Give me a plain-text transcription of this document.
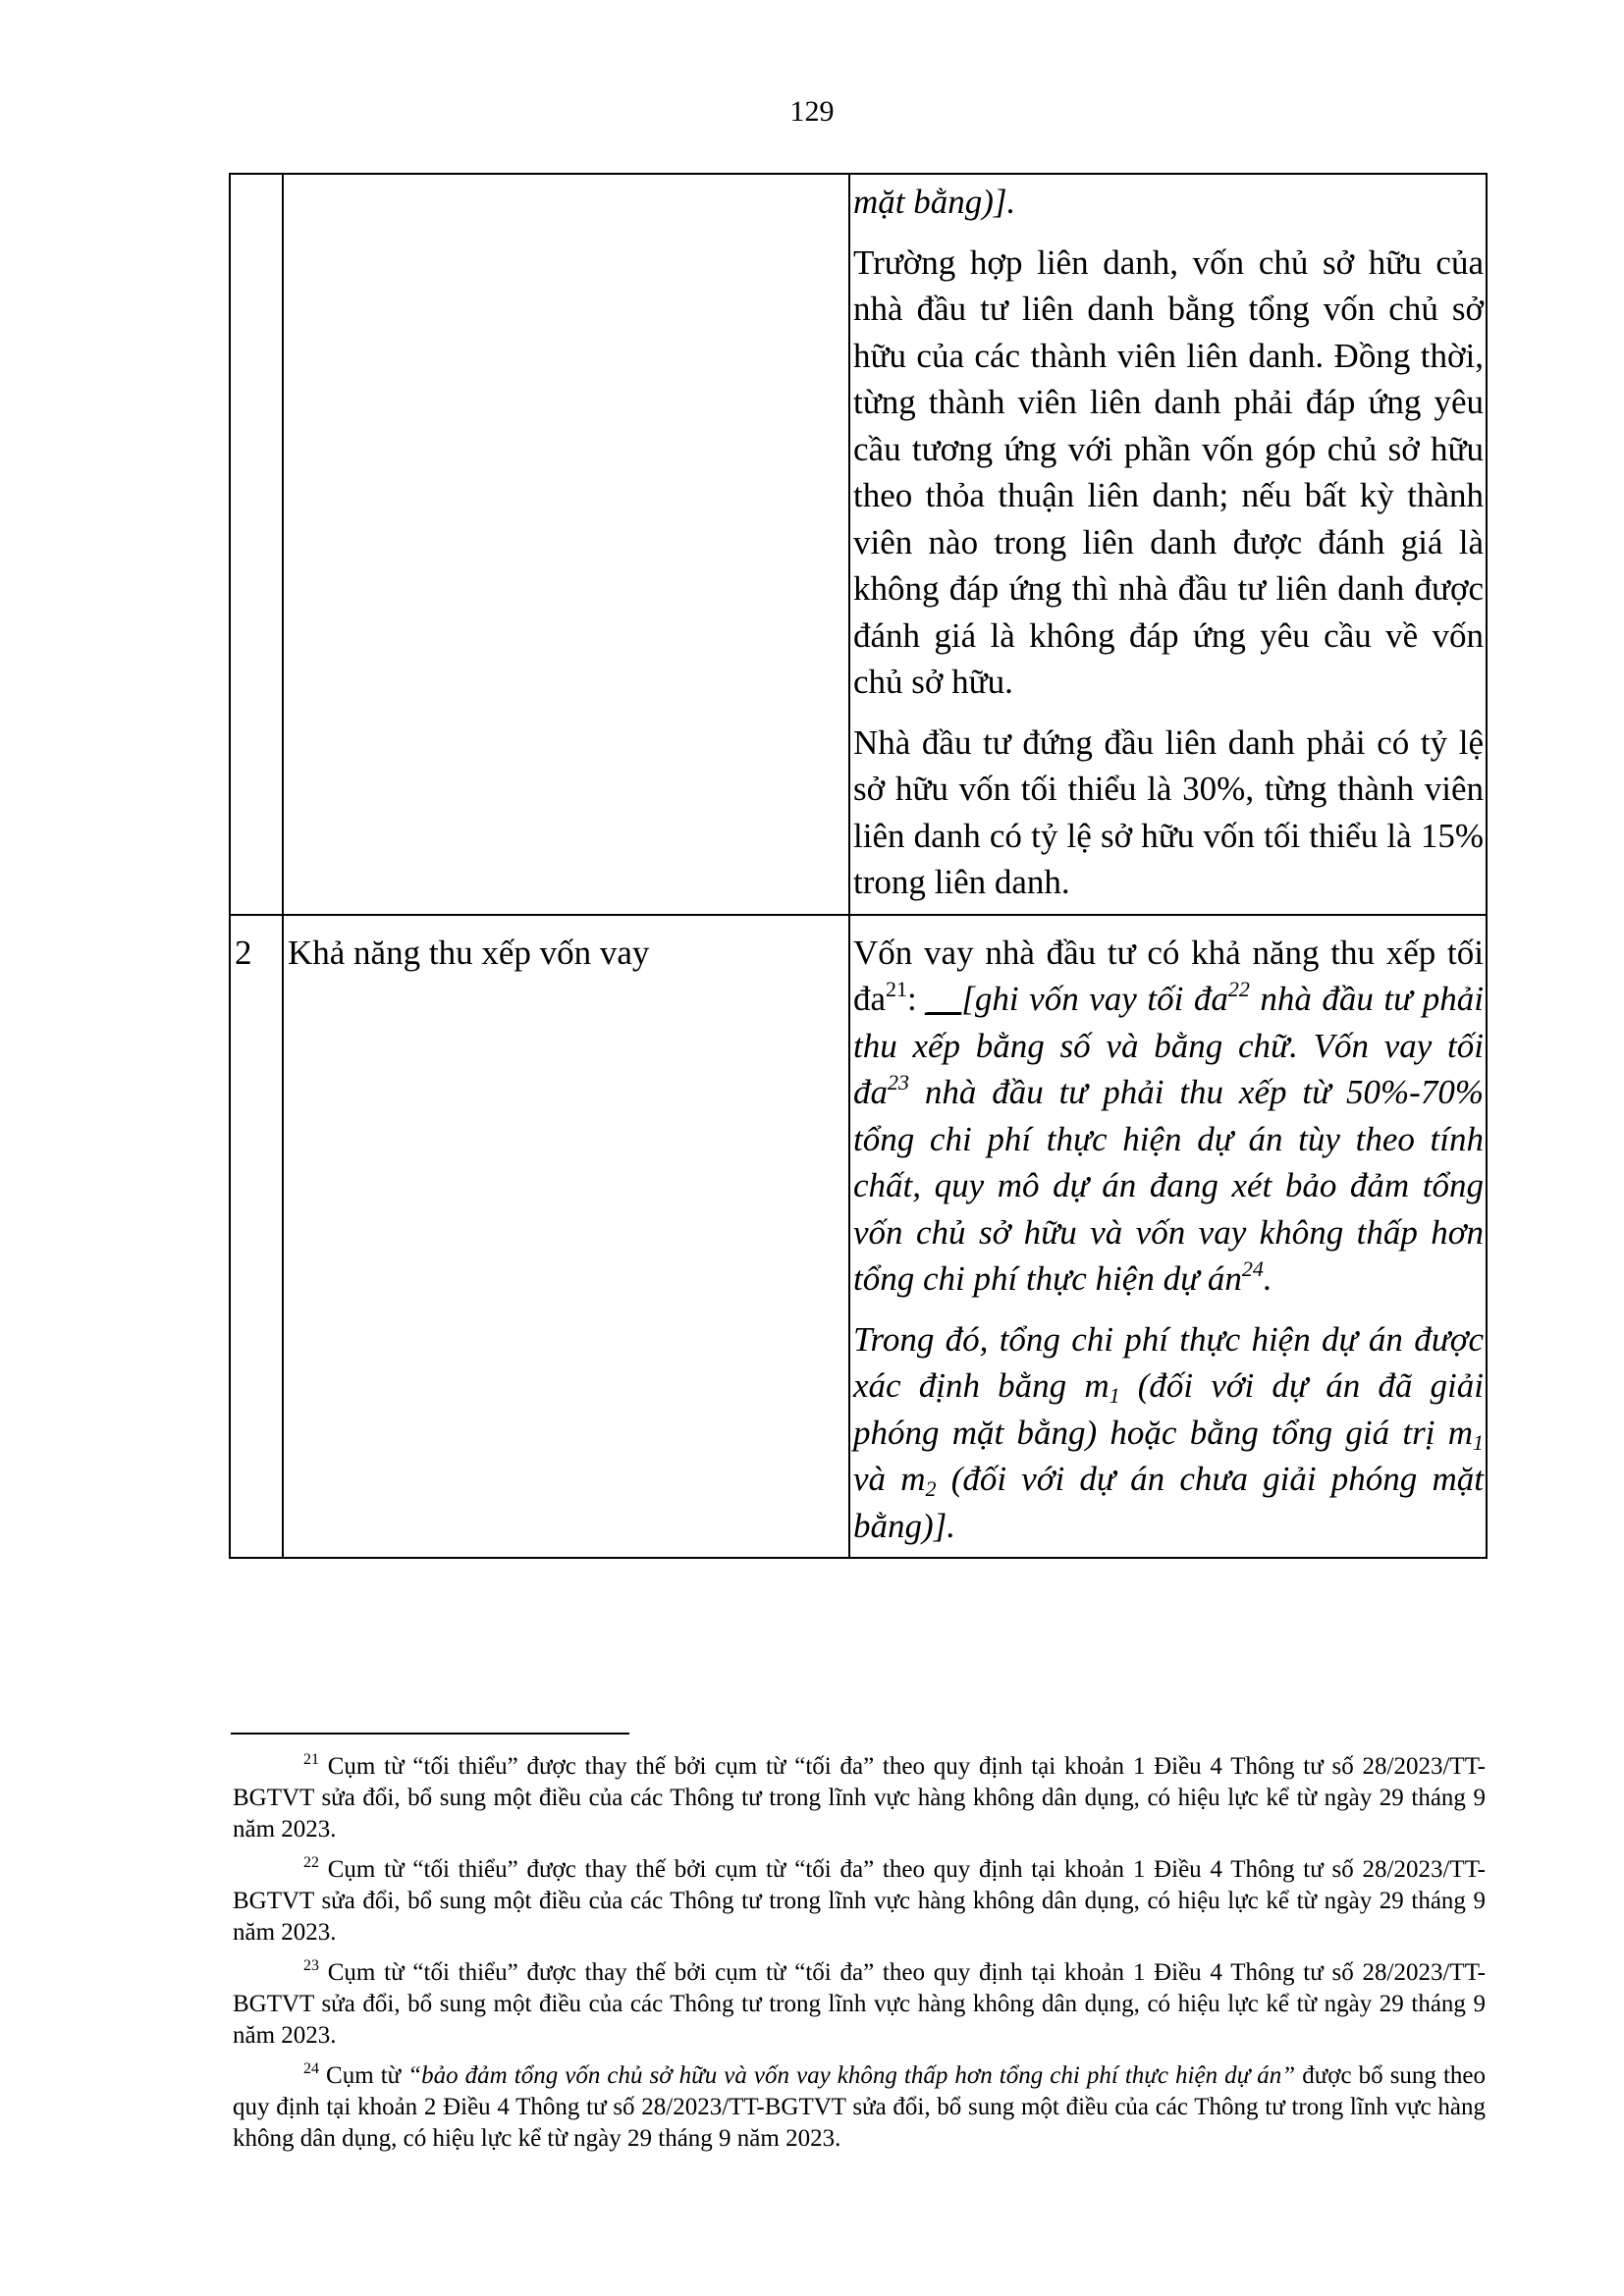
129

		mặt bằng)].

Trường hợp liên danh, vốn chủ sở hữu của nhà đầu tư liên danh bằng tổng vốn chủ sở hữu của các thành viên liên danh. Đồng thời, từng thành viên liên danh phải đáp ứng yêu cầu tương ứng với phần vốn góp chủ sở hữu theo thỏa thuận liên danh; nếu bất kỳ thành viên nào trong liên danh được đánh giá là không đáp ứng thì nhà đầu tư liên danh được đánh giá là không đáp ứng yêu cầu về vốn chủ sở hữu.

Nhà đầu tư đứng đầu liên danh phải có tỷ lệ sở hữu vốn tối thiểu là 30%, từng thành viên liên danh có tỷ lệ sở hữu vốn tối thiểu là 15% trong liên danh.

2	Khả năng thu xếp vốn vay	Vốn vay nhà đầu tư có khả năng thu xếp tối $đa^{21}$: __[ghi vốn vay tối $đa^{22}$ nhà đầu tư phải thu xếp bằng số và bằng chữ. Vốn vay tối $đa^{23}$ nhà đầu tư phải thu xếp từ 50%-70% tổng chi phí thực hiện dự án tùy theo tính chất, quy mô dự án đang xét bảo đảm tổng vốn chủ sở hữu và vốn vay không thấp hơn tổng chi phí thực hiện dự $án^{24}$.

Trong đó, tổng chi phí thực hiện dự án được xác định bằng $m_1$ (đối với dự án đã giải phóng mặt bằng) hoặc bằng tổng giá trị $m_1$ và $m_2$ (đối với dự án chưa giải phóng mặt bằng)].

$^{21}$ Cụm từ “tối thiểu” được thay thế bởi cụm từ “tối đa” theo quy định tại khoản 1 Điều 4 Thông tư số 28/2023/TT-BGTVT sửa đổi, bổ sung một điều của các Thông tư trong lĩnh vực hàng không dân dụng, có hiệu lực kể từ ngày 29 tháng 9 năm 2023.

$^{22}$ Cụm từ “tối thiểu” được thay thế bởi cụm từ “tối đa” theo quy định tại khoản 1 Điều 4 Thông tư số 28/2023/TT-BGTVT sửa đổi, bổ sung một điều của các Thông tư trong lĩnh vực hàng không dân dụng, có hiệu lực kể từ ngày 29 tháng 9 năm 2023.

$^{23}$ Cụm từ “tối thiểu” được thay thế bởi cụm từ “tối đa” theo quy định tại khoản 1 Điều 4 Thông tư số 28/2023/TT-BGTVT sửa đổi, bổ sung một điều của các Thông tư trong lĩnh vực hàng không dân dụng, có hiệu lực kể từ ngày 29 tháng 9 năm 2023.

$^{24}$ Cụm từ “bảo đảm tổng vốn chủ sở hữu và vốn vay không thấp hơn tổng chi phí thực hiện dự án” được bổ sung theo quy định tại khoản 2 Điều 4 Thông tư số 28/2023/TT-BGTVT sửa đổi, bổ sung một điều của các Thông tư trong lĩnh vực hàng không dân dụng, có hiệu lực kể từ ngày 29 tháng 9 năm 2023.
